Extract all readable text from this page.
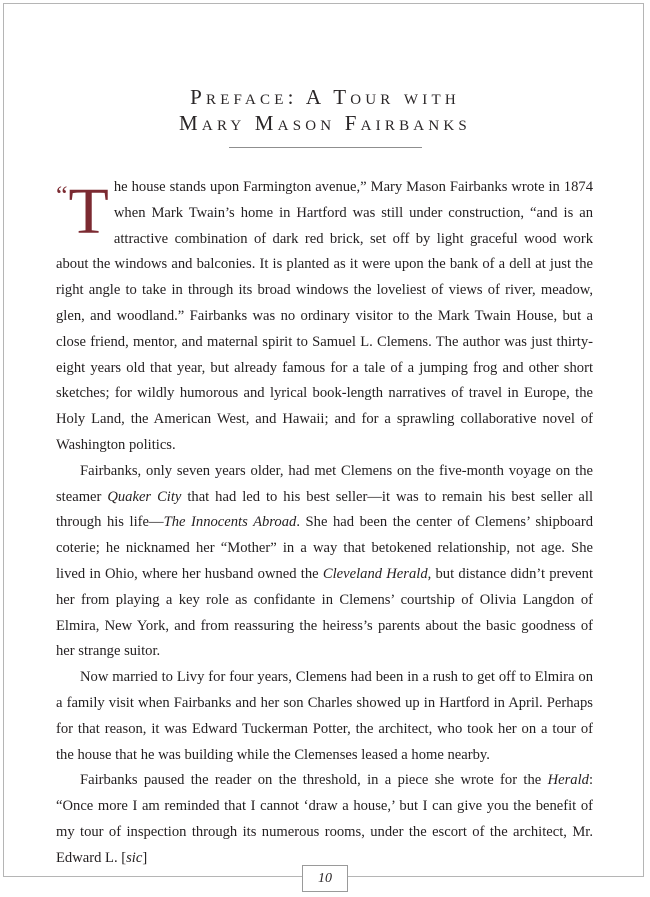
Preface: A Tour with
Mary Mason Fairbanks

“ T he house stands upon Farmington avenue,” Mary Mason Fairbanks wrote in 1874 when Mark Twain’s home in Hartford was still under construction, “and is an attractive combination of dark red brick, set off by light graceful wood work about the windows and balconies. It is planted as it were upon the bank of a dell at just the right angle to take in through its broad windows the loveliest of views of river, meadow, glen, and woodland.” Fairbanks was no ordinary visitor to the Mark Twain House, but a close friend, mentor, and maternal spirit to Samuel L. Clemens. The author was just thirty-eight years old that year, but already famous for a tale of a jumping frog and other short sketches; for wildly humorous and lyrical book-length narratives of travel in Europe, the Holy Land, the American West, and Hawaii; and for a sprawling collaborative novel of Washington politics.

Fairbanks, only seven years older, had met Clemens on the five-month voyage on the steamer Quaker City that had led to his best seller—it was to remain his best seller all through his life—The Innocents Abroad. She had been the center of Clemens’ shipboard coterie; he nicknamed her “Mother” in a way that betokened relationship, not age. She lived in Ohio, where her husband owned the Cleveland Herald, but distance didn’t prevent her from playing a key role as confidante in Clemens’ courtship of Olivia Langdon of Elmira, New York, and from reassuring the heiress’s parents about the basic goodness of her strange suitor.

Now married to Livy for four years, Clemens had been in a rush to get off to Elmira on a family visit when Fairbanks and her son Charles showed up in Hartford in April. Perhaps for that reason, it was Edward Tuckerman Potter, the architect, who took her on a tour of the house that he was building while the Clemenses leased a home nearby.

Fairbanks paused the reader on the threshold, in a piece she wrote for the Herald: “Once more I am reminded that I cannot ‘draw a house,’ but I can give you the benefit of my tour of inspection through its numerous rooms, under the escort of the architect, Mr. Edward L. [sic]

10
